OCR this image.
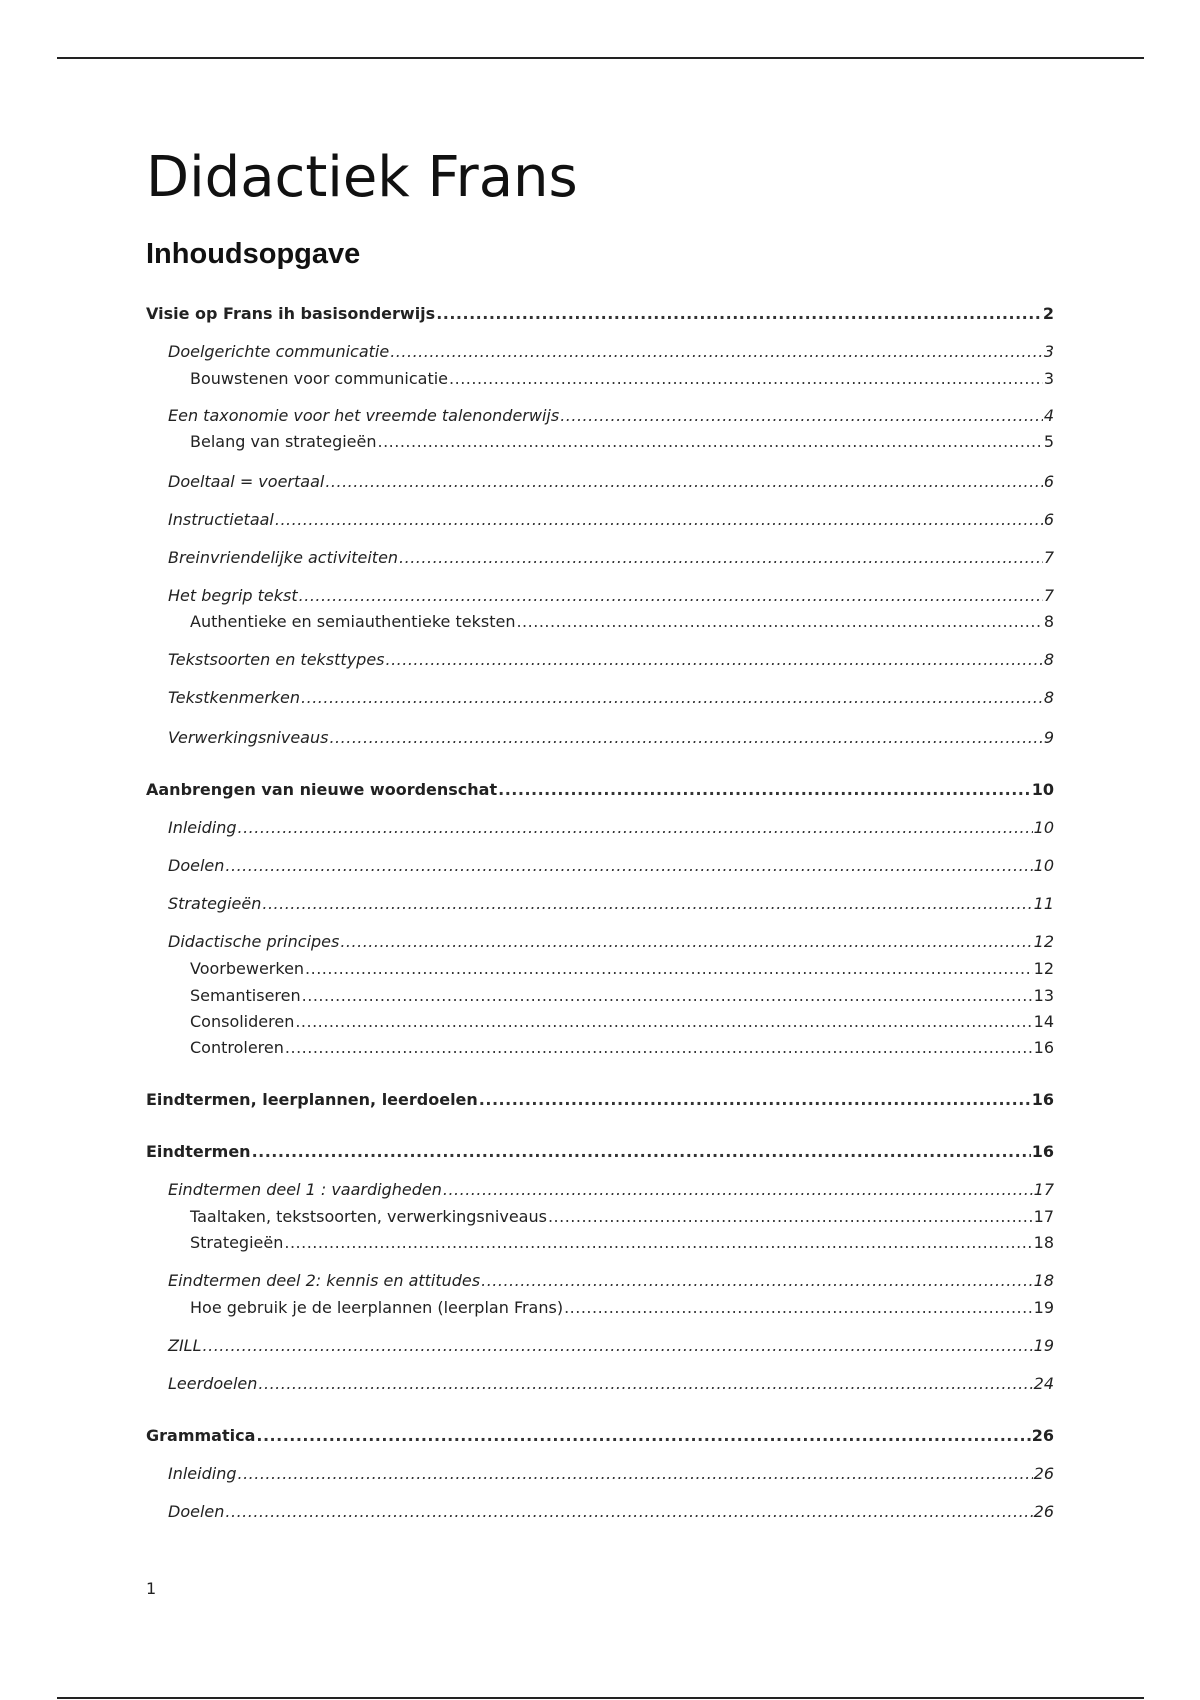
Didactiek Frans
Inhoudsopgave
Visie op Frans ih basisonderwijs .....	2
Doelgerichte communicatie .....	3
Bouwstenen voor communicatie .....	3
Een taxonomie voor het vreemde talenonderwijs .....	4
Belang van strategieën .....	5
Doeltaal = voertaal .....	6
Instructietaal .....	6
Breinvriendelijke activiteiten .....	7
Het begrip tekst .....	7
Authentieke en semiauthentieke teksten .....	8
Tekstsoorten en teksttypes .....	8
Tekstkenmerken .....	8
Verwerkingsniveaus .....	9
Aanbrengen van nieuwe woordenschat .....	10
Inleiding .....	10
Doelen .....	10
Strategieën .....	11
Didactische principes .....	12
Voorbewerken .....	12
Semantiseren .....	13
Consolideren .....	14
Controleren .....	16
Eindtermen, leerplannen, leerdoelen .....	16
Eindtermen .....	16
Eindtermen deel 1 : vaardigheden .....	17
Taaltaken, tekstsoorten, verwerkingsniveaus .....	17
Strategieën .....	18
Eindtermen deel 2: kennis en attitudes .....	18
Hoe gebruik je de leerplannen (leerplan Frans) .....	19
ZILL .....	19
Leerdoelen .....	24
Grammatica .....	26
Inleiding .....	26
Doelen .....	26
1
